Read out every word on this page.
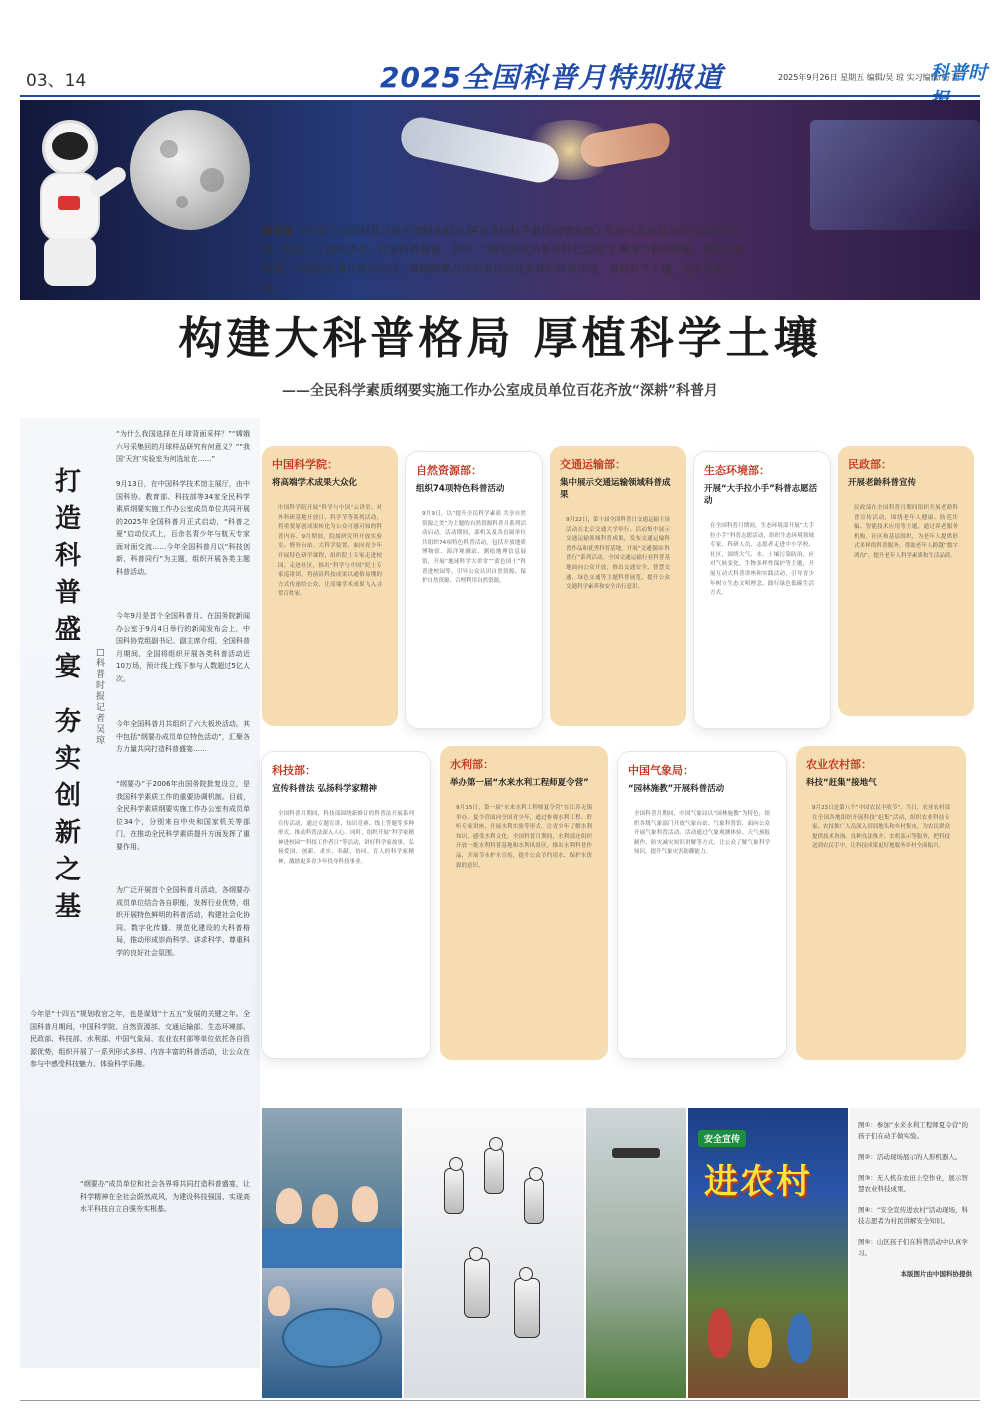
03、14	2025全国科普月特别报道	2025年9月26日 星期五 编辑/吴 琼 实习编辑/杨 超
科普时
编者按 今年首个全国科普月由中国科协联合34家全民科学素质纲要实施工作办公室成员单位共同部署开展，组织六大板块活动，打造科普盛宴。其中，“纲要办成员单位特色活动”汇聚多方科普资源，做起科普热潮。本报选取部分精彩内容，展现纲要办成员单位形式多样的科普活动，厚植科学土壤，夯实创新之基。
构建大科普格局 厚植科学土壤
——全民科学素质纲要实施工作办公室成员单位百花齐放“深耕”科普月
打造科普盛宴
夯实创新之基
□ 科普时报记者 吴 琼

“为什么我国选择在月球背面采样？”“嫦娥六号采集回的月球样品研究有何意义？”“我国‘天宫’实验室为何选址在……”

9月13日，在中国科学技术馆主展厅，由中国科协、教育部、科技部等34家全民科学素质纲要实施工作办公室成员单位共同开展的2025年全国科普月正式启动，“科普之夏”启动仪式上，百余名青少年与航天专家面对面交流……今年全国科普月以“科技创新，科普同行”为主题，组织开展各类主题科普活动。

今年9月是首个全国科普月。在国务院新闻办公室于9月4日举行的新闻发布会上，中国科协党组副书记、副主席介绍，全国科普月期间，全国将组织开展各类科普活动近10万场，预计线上线下参与人数超过5亿人次。

今年全国科普月共组织了六大板块活动。其中包括“纲要办成员单位特色活动”，汇聚各方力量共同打造科普盛宴……

“纲要办”于2006年由国务院批复设立，是我国科学素质工作的重要协调机制。目前，全民科学素质纲要实施工作办公室有成员单位34个，分别来自中央和国家机关等部门，在推动全民科学素质提升方面发挥了重要作用。

为广泛开展首个全国科普月活动，各纲要办成员单位结合各自职能，发挥行业优势，组织开展特色鲜明的科普活动，构建社会化协同、数字化传播、规范化建设的大科普格局，推动形成崇尚科学、讲求科学、尊重科学的良好社会氛围。

今年是“十四五”规划收官之年，也是谋划“十五五”发展的关键之年。全国科普月期间，中国科学院、自然资源部、交通运输部、生态环境部、民政部、科技部、水利部、中国气象局、农业农村部等单位依托各自资源优势，组织开展了一系列形式多样、内容丰富的科普活动，让公众在参与中感受科技魅力、体验科学乐趣。

“纲要办”成员单位和社会各界将共同打造科普盛宴，让科学精神在全社会蔚然成风，为建设科技强国、实现高水平科技自立自强夯实根基。

中国科学院：
将高端学术成果大众化
中国科学院开展“科学与中国”云讲堂、对外科研基地开放日、科学节等系列活动，将重要原创成果转化为公众可感可知的科普内容。9月期间，院属研究所开放实验室、野外台站、大科学装置，面向青少年开展特色研学课程，组织院士专家走进校园、走进社区，推出“科学与中国”院士专家巡讲团，将前沿科技成果以通俗易懂的方式传递给公众，让高端学术成果飞入寻常百姓家。
自然资源部：
组织74项特色科普活动
9月9日，以“提升全民科学素质 共享自然资源之美”为主题的自然资源科普月系列活动启动。活动期间，部机关及各直属单位共组织74项特色科普活动，包括开放地质博物馆、海洋观测站、测绘地理信息展馆，开展“地球科学大讲堂”“蓝色国土”科普进校园等，引导公众认识自然资源、保护自然资源、合理利用自然资源。
交通运输部：
集中展示交通运输领域科普成果
9月22日，第十届全国科普日交通运输主场活动在北京交通大学举行。活动集中展示交通运输领域科普成果，发布交通运输科普作品和优秀科普基地，开展“交通强国·科普行”系列活动。全国交通运输行业科普基地面向公众开放，推出交通安全、智慧交通、绿色交通等主题科普展览，提升公众交通科学素养和安全出行意识。
生态环境部：
开展“大手拉小手”科普志愿活动
在全国科普月期间，生态环境部开展“大手拉小手”科普志愿活动，组织生态环境领域专家、科研人员、志愿者走进中小学校、社区，围绕大气、水、土壤污染防治，应对气候变化，生物多样性保护等主题，开展互动式科普讲座和实践活动，引导青少年树立生态文明理念，践行绿色低碳生活方式。
民政部：
开展老龄科普宣传
民政部在全国科普月期间组织开展老龄科普宣传活动，围绕老年人健康、防范诈骗、智能技术应用等主题，通过养老服务机构、社区和基层组织，为老年人提供形式多样的科普服务，帮助老年人跨越“数字鸿沟”，提升老年人科学素质和生活品质。
科技部：
宣传科普法 弘扬科学家精神
全国科普月期间，科技部围绕新修订的科普法开展系列宣传活动，通过专题宣讲、知识竞赛、线上答题等多种形式，推动科普法深入人心。同时，组织开展“科学家精神进校园”“科技工作者日”等活动，讲好科学家故事，弘扬爱国、创新、求实、奉献、协同、育人的科学家精神，激励更多青少年投身科技事业。
水利部：
举办第一届“水来水利工程师夏令营”
9月15日，第一届“水来水利工程师夏令营”在江苏无锡举办。夏令营面向全国青少年，通过参观水利工程、聆听专家讲座、开展水利实验等形式，让青少年了解水利知识、感受水利文化。全国科普月期间，水利部还组织开放一批水利科普基地和水利风景区，推出水利科普作品，开展节水护水宣传，提升公众节约用水、保护水资源的意识。
中国气象局：
“园林施教”开展科普活动
全国科普月期间，中国气象局以“园林施教”为特色，组织各级气象部门开放气象台站、气象科普馆，面向公众开展气象科普活动。活动通过气象观测体验、天气预报制作、防灾减灾知识讲解等方式，让公众了解气象科学知识，提升气象灾害防御能力。
农业农村部：
科技“赶集”接地气
9月23日是第八个“中国农民丰收节”。当日，农业农村部在全国各地组织开展科技“赶集”活动，组织农业科技专家、农技推广人员深入田间地头和乡村集市，为农民群众提供技术咨询、良种良法推介、农机演示等服务，把科技送到农民手中，让科技成果更好地服务乡村全面振兴。
安全宣传
进农村

图①：参加“水来水利工程师夏令营”的孩子们在动手做实验。

图②：活动现场展示的人形机器人。

图③：无人机在农田上空作业，展示智慧农业科技成果。

图④：“安全宣传进农村”活动现场，科技志愿者为村民讲解安全知识。

图⑤：山区孩子们在科普活动中认真学习。

本版图片由中国科协提供
